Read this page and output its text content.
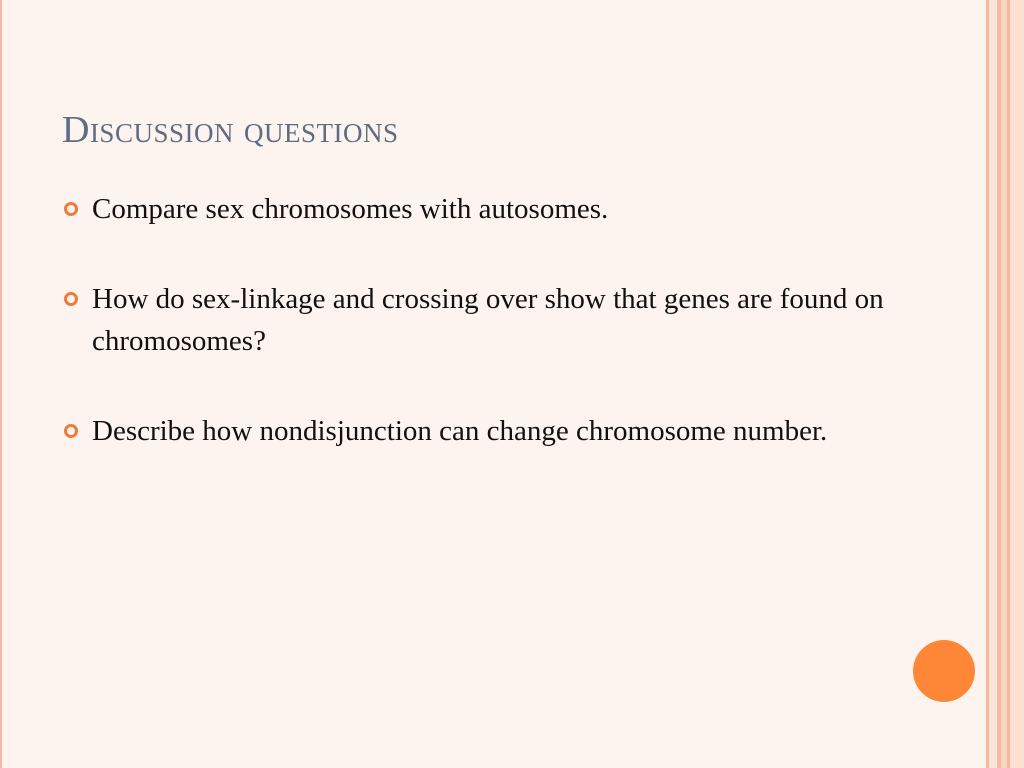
Discussion questions
Compare sex chromosomes with autosomes.
How do sex-linkage and crossing over show that genes are found on chromosomes?
Describe how nondisjunction can change chromosome number.
